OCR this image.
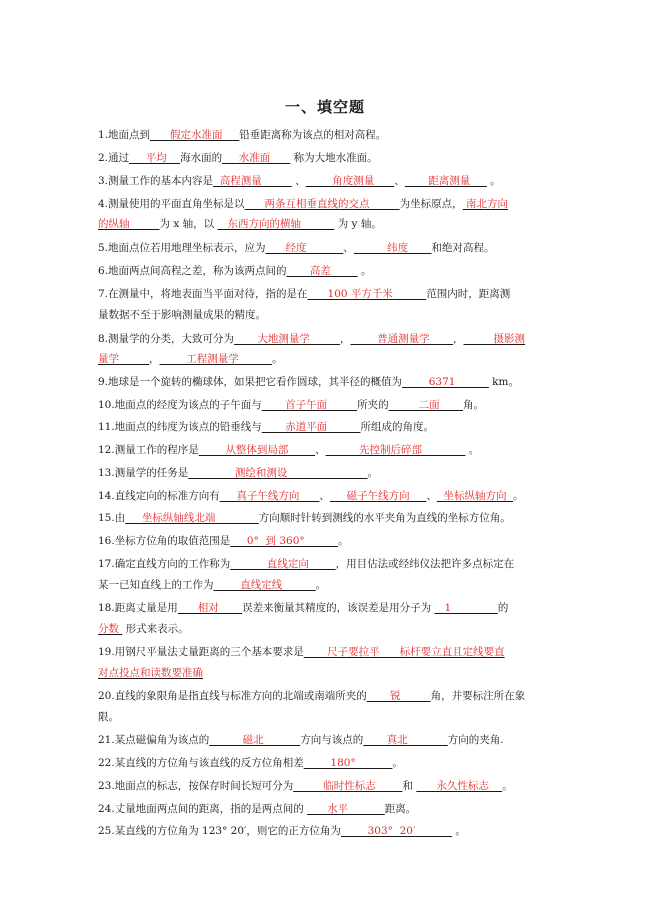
一、填空题
1.地面点到      假定水准面     铅垂距离称为该点的相对高程。
2.通过     平均    海水面的     水准面       称为大地水准面。
3.测量工作的基本内容是  高程测量          、        角度测量      、       距离测量      。
4.测量使用的平面直角坐标是以      两条互相垂直线的交点         为坐标原点， 南北方向
的纵轴         为 x 轴，以    东西方向的横轴           为 y 轴。
5.地面点位若用地理坐标表示，应为      经度           、          纬度       和绝对高程。
6.地面两点间高程之差，称为该两点间的       高差         。
7.在测量中，将地表面当平面对待，指的是在      100 平方千米          范围内时，距离测
量数据不至于影响测量成果的精度。
8.测量学的分类，大致可分为       大地测量学         ，        普通测量学       ，         摄影测
量学         ，        工程测量学          。
9.地球是一个旋转的椭球体，如果把它看作圆球，其半径的概值为        6371           km。
10.地面点的经度为该点的子午面与       首子午面         所夹的         二面       角。
11.地面点的纬度为该点的铅垂线与       赤道平面          所组成的角度。
12.测量工作的程序是        从整体到局部        、          先控制后碎部              。
13.测量学的任务是              测绘和测设                        。
14.直线定向的标准方向有     真子午线方向      、     磁子午线方向     、  坐标纵轴方向  。
15.由     坐标纵轴线北端             方向顺时针转到测线的水平夹角为直线的坐标方位角。
16.坐标方位角的取值范围是     0°  到 360°          。
17.确定直线方向的工作称为           直线定向        ，用目估法或经纬仪法把许多点标定在
某一已知直线上的工作为        直线定线          。
18.距离丈量是用      相对       误差来衡量其精度的，该误差是用分子为    1              的
分数  形式来表示。
19.用钢尺平量法丈量距离的三个基本要求是       尺子要拉平      标杆要立直且定线要直
对点投点和读数要准确
20.直线的象限角是指直线与标准方向的北端或南端所夹的       锐         角，并要标注所在象
限。
21.某点磁偏角为该点的          磁北           方向与该点的       真北            方向的夹角.
22.某直线的方位角与该直线的反方位角相差        180°           。
23.地面点的标志，按保存时间长短可分为         临时性标志        和       永久性标志    。
24.丈量地面两点间的距离，指的是两点间的       水平           距离。
25.某直线的方位角为 123° 20′，则它的正方位角为        303°  20′            。
